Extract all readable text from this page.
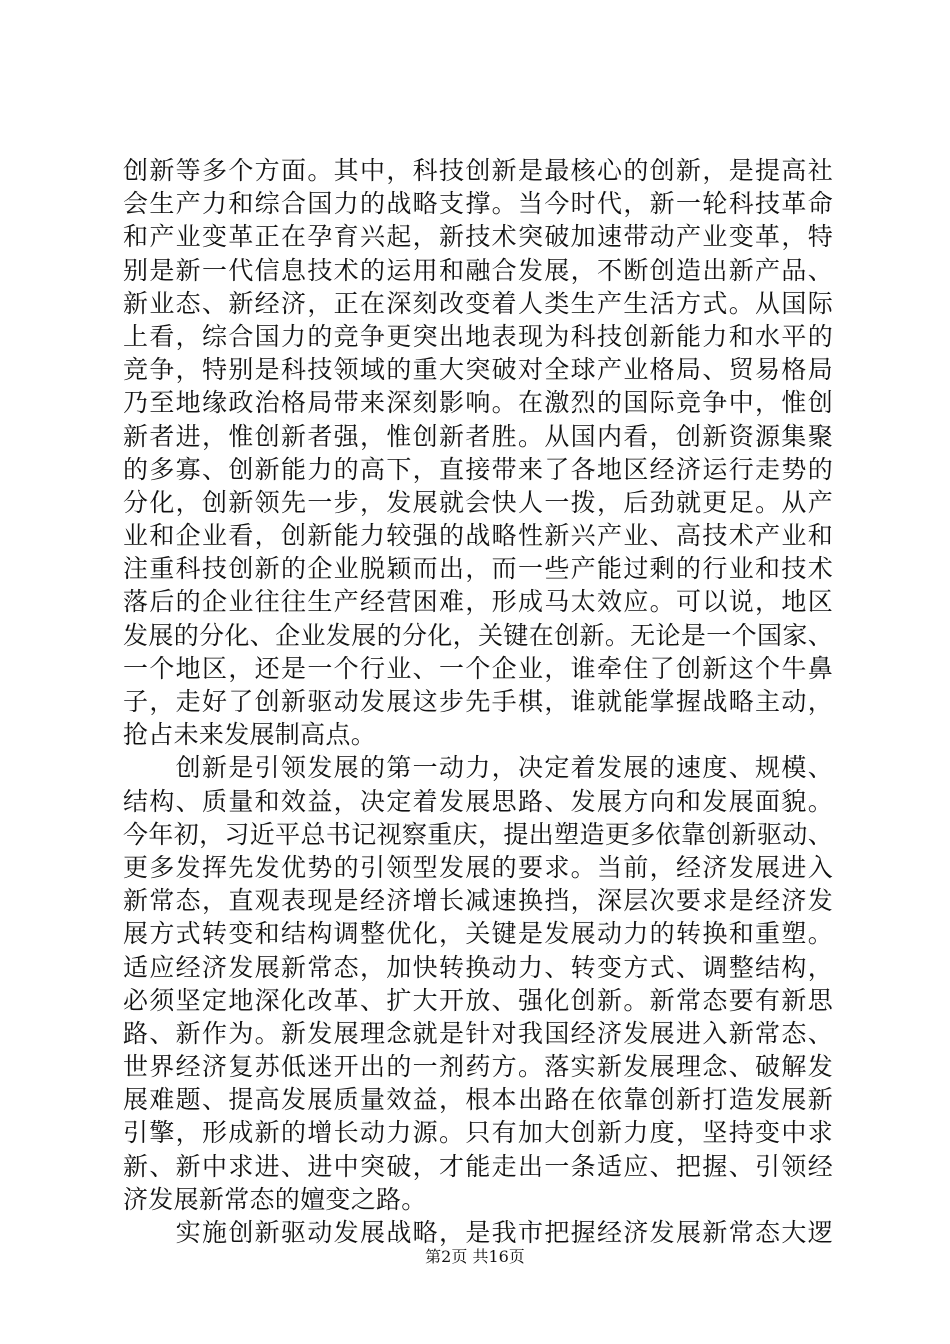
创新等多个方面。其中，科技创新是最核心的创新，是提高社
会生产力和综合国力的战略支撑。当今时代，新一轮科技革命
和产业变革正在孕育兴起，新技术突破加速带动产业变革，特
别是新一代信息技术的运用和融合发展，不断创造出新产品、
新业态、新经济，正在深刻改变着人类生产生活方式。从国际
上看，综合国力的竞争更突出地表现为科技创新能力和水平的
竞争，特别是科技领域的重大突破对全球产业格局、贸易格局
乃至地缘政治格局带来深刻影响。在激烈的国际竞争中，惟创
新者进，惟创新者强，惟创新者胜。从国内看，创新资源集聚
的多寡、创新能力的高下，直接带来了各地区经济运行走势的
分化，创新领先一步，发展就会快人一拨，后劲就更足。从产
业和企业看，创新能力较强的战略性新兴产业、高技术产业和
注重科技创新的企业脱颖而出，而一些产能过剩的行业和技术
落后的企业往往生产经营困难，形成马太效应。可以说，地区
发展的分化、企业发展的分化，关键在创新。无论是一个国家、
一个地区，还是一个行业、一个企业，谁牵住了创新这个牛鼻
子，走好了创新驱动发展这步先手棋，谁就能掌握战略主动，
抢占未来发展制高点。
　　创新是引领发展的第一动力，决定着发展的速度、规模、
结构、质量和效益，决定着发展思路、发展方向和发展面貌。
今年初，习近平总书记视察重庆，提出塑造更多依靠创新驱动、
更多发挥先发优势的引领型发展的要求。当前，经济发展进入
新常态，直观表现是经济增长减速换挡，深层次要求是经济发
展方式转变和结构调整优化，关键是发展动力的转换和重塑。
适应经济发展新常态，加快转换动力、转变方式、调整结构，
必须坚定地深化改革、扩大开放、强化创新。新常态要有新思
路、新作为。新发展理念就是针对我国经济发展进入新常态、
世界经济复苏低迷开出的一剂药方。落实新发展理念、破解发
展难题、提高发展质量效益，根本出路在依靠创新打造发展新
引擎，形成新的增长动力源。只有加大创新力度，坚持变中求
新、新中求进、进中突破，才能走出一条适应、把握、引领经
济发展新常态的嬗变之路。
　　实施创新驱动发展战略，是我市把握经济发展新常态大逻
第2页 共16页
